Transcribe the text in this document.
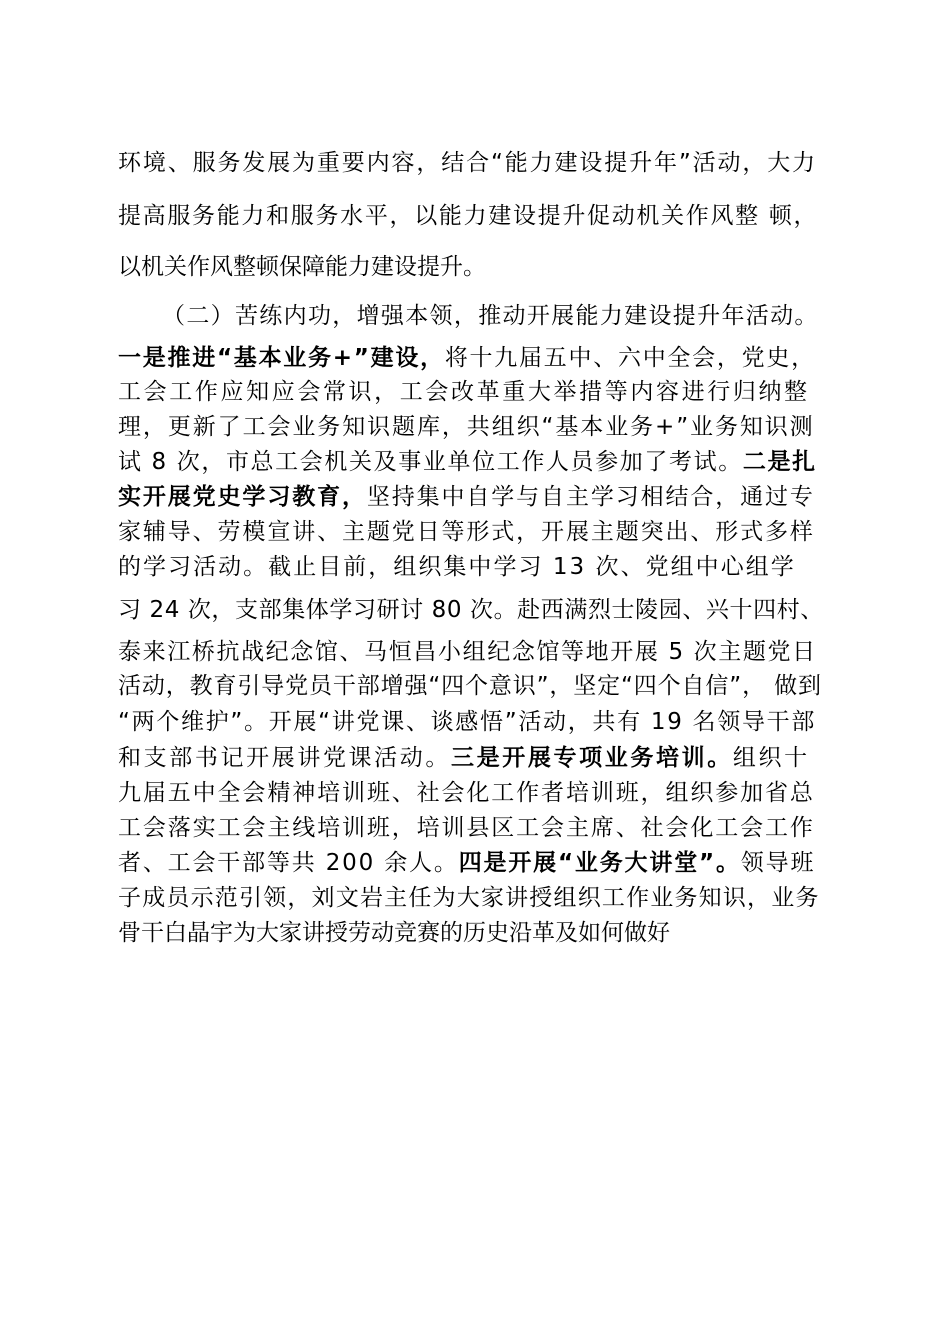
环境、服务发展为重要内容，结合“能力建设提升年”活动，大力
提高服务能力和服务水平，以能力建设提升促动机关作风整 顿，
以机关作风整顿保障能力建设提升。
（二）苦练内功，增强本领，推动开展能力建设提升年活动。
一是推进“基本业务+”建设，将十九届五中、六中全会，党史，
工会工作应知应会常识，工会改革重大举措等内容进行归纳整
理，更新了工会业务知识题库，共组织“基本业务+”业务知识测
试 8 次，市总工会机关及事业单位工作人员参加了考试。二是扎
实开展党史学习教育，坚持集中自学与自主学习相结合，通过专
家辅导、劳模宣讲、主题党日等形式，开展主题突出、形式多样
的学习活动。截止目前，组织集中学习 13 次、党组中心组学
习 24 次，支部集体学习研讨 80 次。赴西满烈士陵园、兴十四村、
泰来江桥抗战纪念馆、马恒昌小组纪念馆等地开展 5 次主题党日
活动，教育引导党员干部增强“四个意识”，坚定“四个自信”， 做到
“两个维护”。开展“讲党课、谈感悟”活动，共有 19 名领导干部
和支部书记开展讲党课活动。三是开展专项业务培训。组织十
九届五中全会精神培训班、社会化工作者培训班，组织参加省总
工会落实工会主线培训班，培训县区工会主席、社会化工会工作
者、工会干部等共 200 余人。四是开展“业务大讲堂”。领导班
子成员示范引领，刘文岩主任为大家讲授组织工作业务知识，业务
骨干白晶宇为大家讲授劳动竞赛的历史沿革及如何做好
